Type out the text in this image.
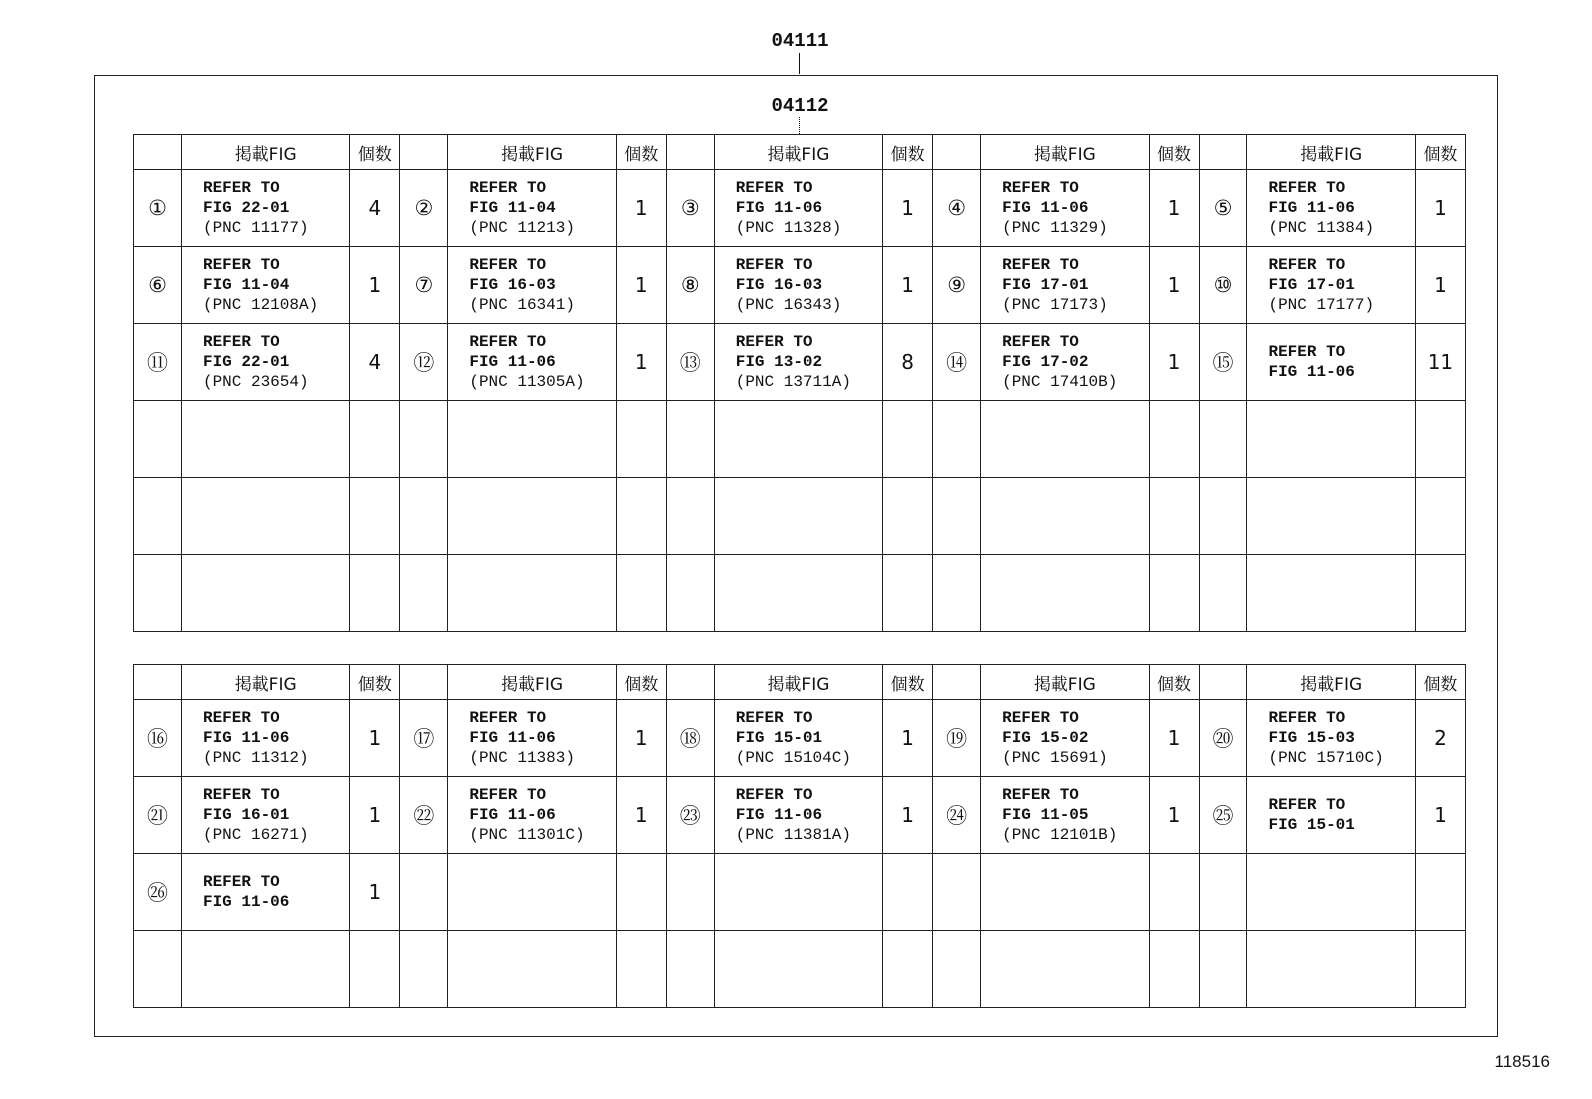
04111
04112
	掲載FIG	個数		掲載FIG	個数		掲載FIG	個数		掲載FIG	個数		掲載FIG	個数
①	REFER TO
FIG 22-01
(PNC 11177)	4	②	REFER TO
FIG 11-04
(PNC 11213)	1	③	REFER TO
FIG 11-06
(PNC 11328)	1	④	REFER TO
FIG 11-06
(PNC 11329)	1	⑤	REFER TO
FIG 11-06
(PNC 11384)	1
⑥	REFER TO
FIG 11-04
(PNC 12108A)	1	⑦	REFER TO
FIG 16-03
(PNC 16341)	1	⑧	REFER TO
FIG 16-03
(PNC 16343)	1	⑨	REFER TO
FIG 17-01
(PNC 17173)	1	⑩	REFER TO
FIG 17-01
(PNC 17177)	1
⑪	REFER TO
FIG 22-01
(PNC 23654)	4	⑫	REFER TO
FIG 11-06
(PNC 11305A)	1	⑬	REFER TO
FIG 13-02
(PNC 13711A)	8	⑭	REFER TO
FIG 17-02
(PNC 17410B)	1	⑮	REFER TO
FIG 11-06	11

	掲載FIG	個数		掲載FIG	個数		掲載FIG	個数		掲載FIG	個数		掲載FIG	個数
⑯	REFER TO
FIG 11-06
(PNC 11312)	1	⑰	REFER TO
FIG 11-06
(PNC 11383)	1	⑱	REFER TO
FIG 15-01
(PNC 15104C)	1	⑲	REFER TO
FIG 15-02
(PNC 15691)	1	⑳	REFER TO
FIG 15-03
(PNC 15710C)	2
㉑	REFER TO
FIG 16-01
(PNC 16271)	1	㉒	REFER TO
FIG 11-06
(PNC 11301C)	1	㉓	REFER TO
FIG 11-06
(PNC 11381A)	1	㉔	REFER TO
FIG 11-05
(PNC 12101B)	1	㉕	REFER TO
FIG 15-01	1
㉖	REFER TO
FIG 11-06	1												

118516
